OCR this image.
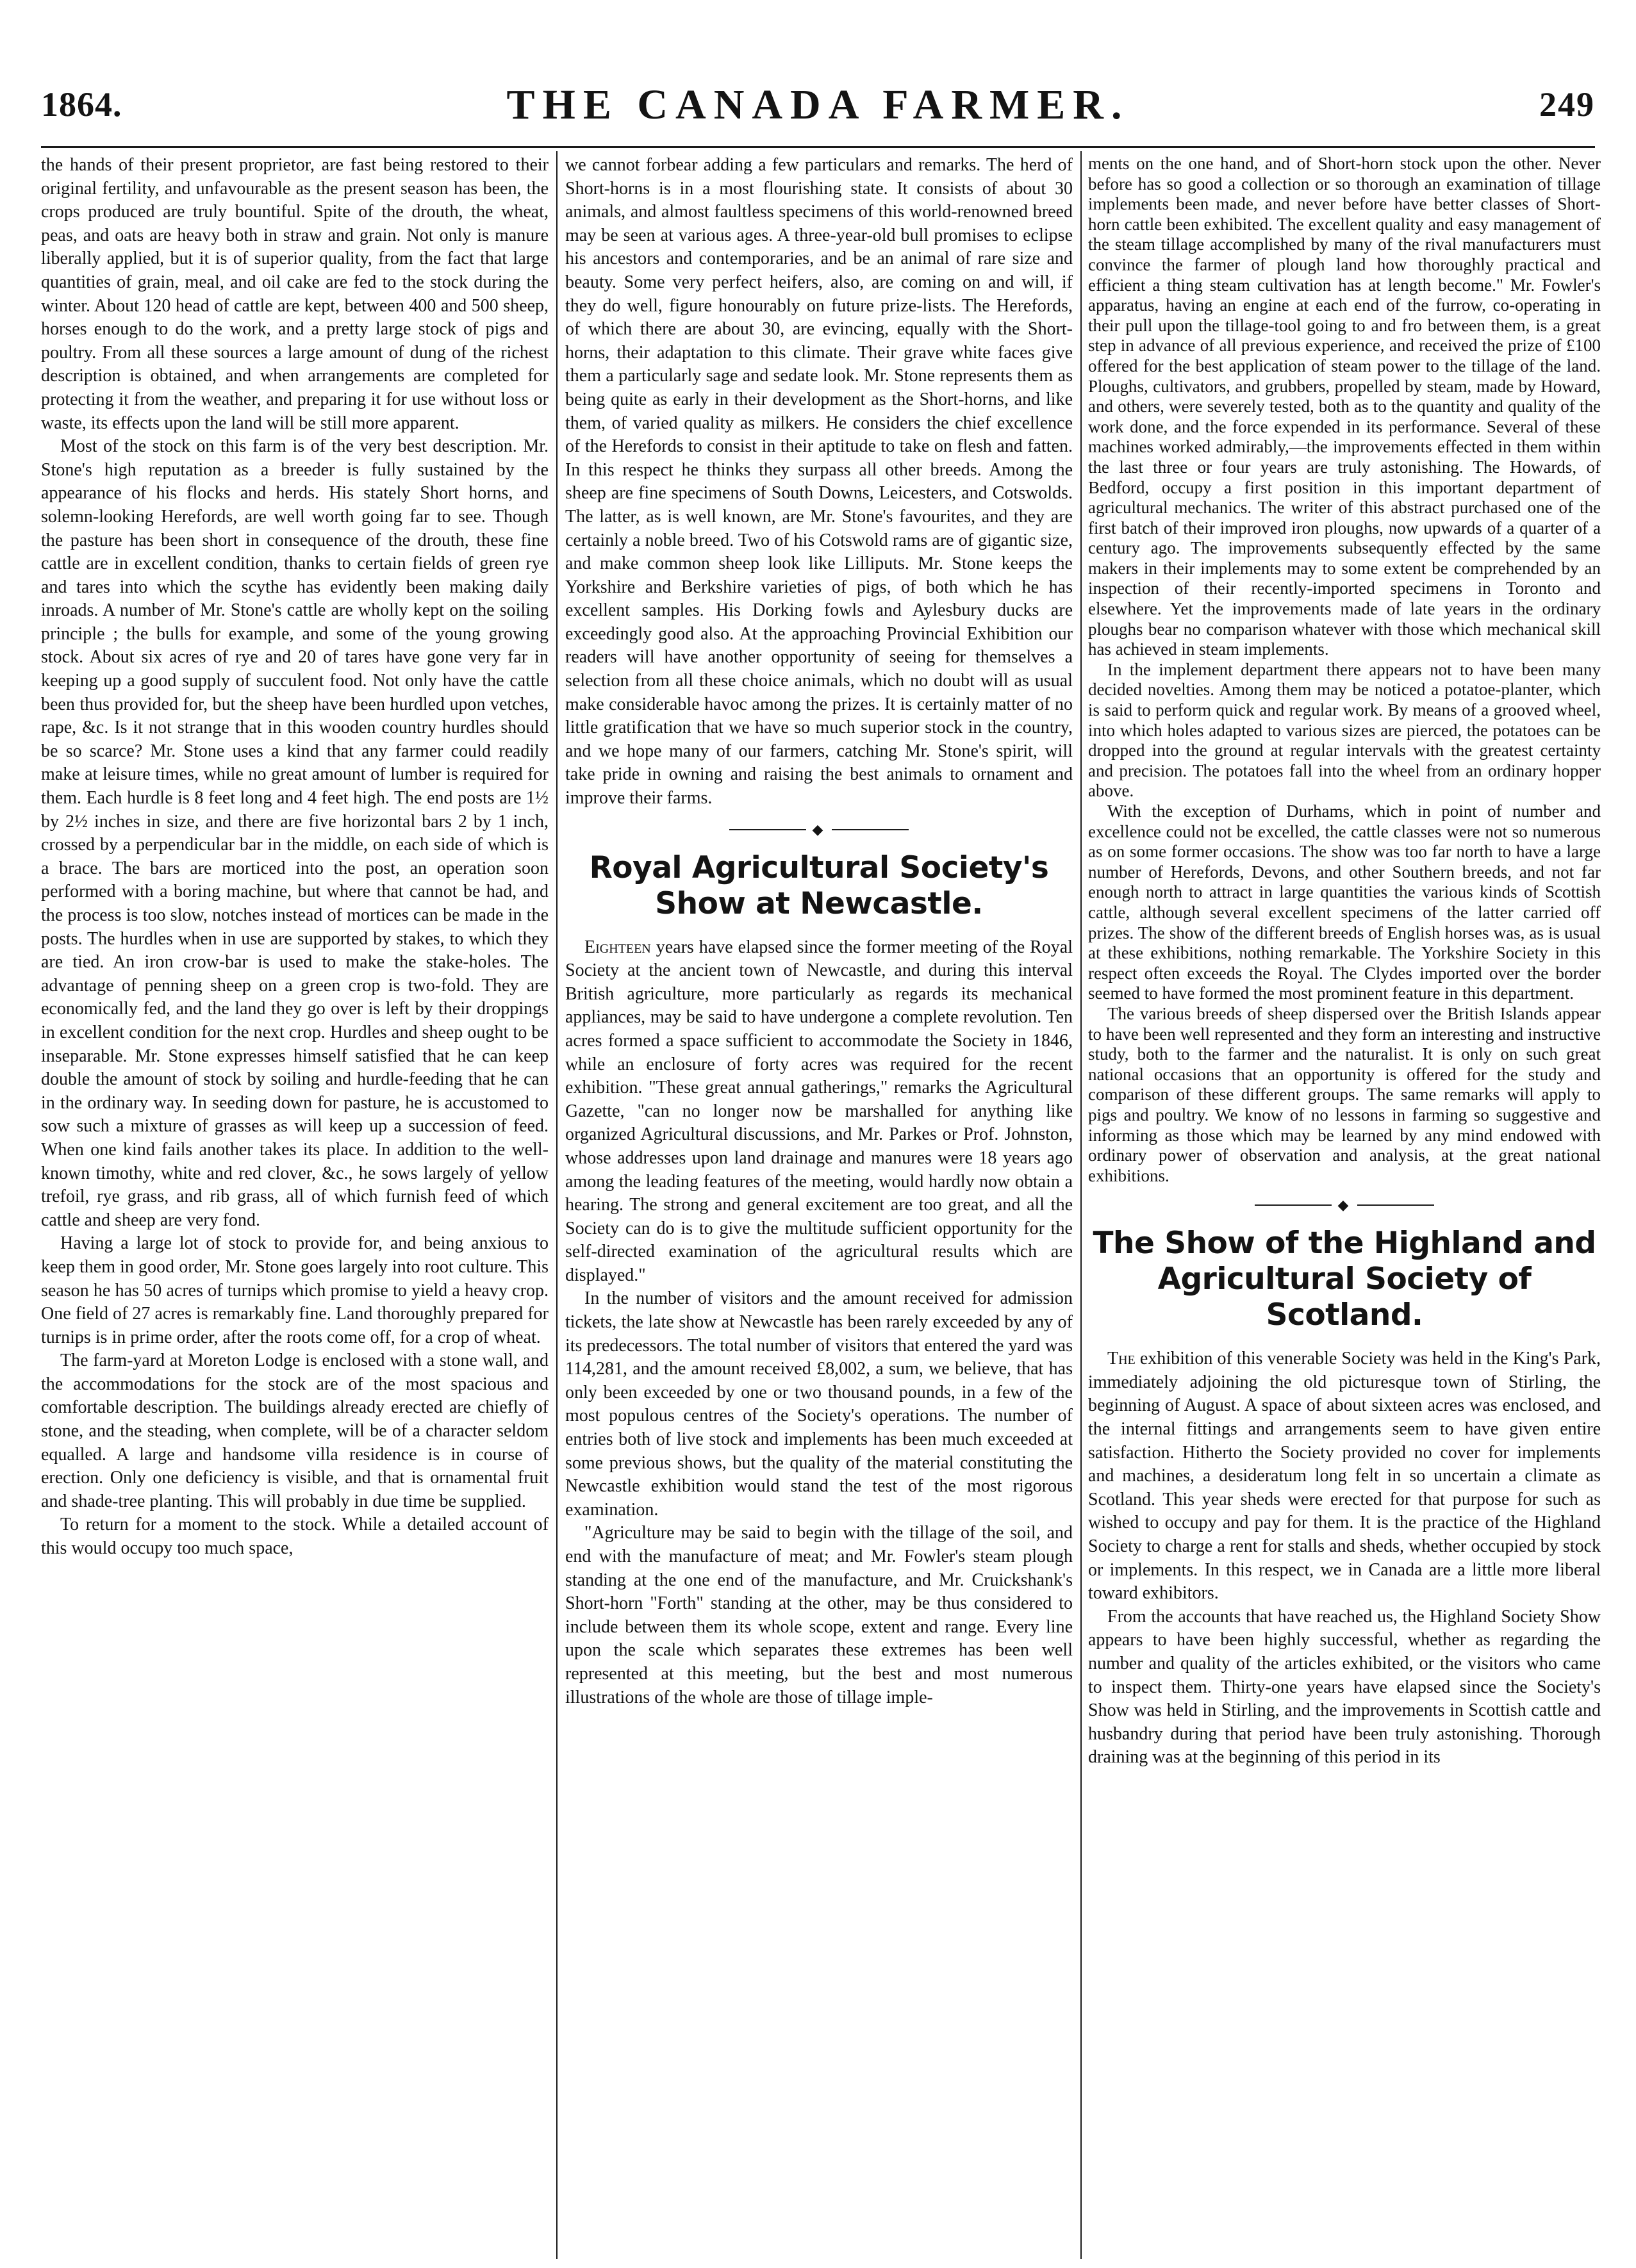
1864.	THE CANADA FARMER.	249

the hands of their present proprietor, are fast being restored to their original fertility, and unfavourable as the present season has been, the crops produced are truly bountiful. Spite of the drouth, the wheat, peas, and oats are heavy both in straw and grain. Not only is manure liberally applied, but it is of superior quality, from the fact that large quantities of grain, meal, and oil cake are fed to the stock during the winter. About 120 head of cattle are kept, between 400 and 500 sheep, horses enough to do the work, and a pretty large stock of pigs and poultry. From all these sources a large amount of dung of the richest description is obtained, and when arrangements are completed for protecting it from the weather, and preparing it for use without loss or waste, its effects upon the land will be still more apparent.

Most of the stock on this farm is of the very best description. Mr. Stone's high reputation as a breeder is fully sustained by the appearance of his flocks and herds. His stately Short horns, and solemn-looking Herefords, are well worth going far to see. Though the pasture has been short in consequence of the drouth, these fine cattle are in excellent condition, thanks to certain fields of green rye and tares into which the scythe has evidently been making daily inroads. A number of Mr. Stone's cattle are wholly kept on the soiling principle ; the bulls for example, and some of the young growing stock. About six acres of rye and 20 of tares have gone very far in keeping up a good supply of succulent food. Not only have the cattle been thus provided for, but the sheep have been hurdled upon vetches, rape, &c. Is it not strange that in this wooden country hurdles should be so scarce? Mr. Stone uses a kind that any farmer could readily make at leisure times, while no great amount of lumber is required for them. Each hurdle is 8 feet long and 4 feet high. The end posts are 1½ by 2½ inches in size, and there are five horizontal bars 2 by 1 inch, crossed by a perpendicular bar in the middle, on each side of which is a brace. The bars are morticed into the post, an operation soon performed with a boring machine, but where that cannot be had, and the process is too slow, notches instead of mortices can be made in the posts. The hurdles when in use are supported by stakes, to which they are tied. An iron crow-bar is used to make the stake-holes. The advantage of penning sheep on a green crop is two-fold. They are economically fed, and the land they go over is left by their droppings in excellent condition for the next crop. Hurdles and sheep ought to be inseparable. Mr. Stone expresses himself satisfied that he can keep double the amount of stock by soiling and hurdle-feeding that he can in the ordinary way. In seeding down for pasture, he is accustomed to sow such a mixture of grasses as will keep up a succession of feed. When one kind fails another takes its place. In addition to the well-known timothy, white and red clover, &c., he sows largely of yellow trefoil, rye grass, and rib grass, all of which furnish feed of which cattle and sheep are very fond.

Having a large lot of stock to provide for, and being anxious to keep them in good order, Mr. Stone goes largely into root culture. This season he has 50 acres of turnips which promise to yield a heavy crop. One field of 27 acres is remarkably fine. Land thoroughly prepared for turnips is in prime order, after the roots come off, for a crop of wheat.

The farm-yard at Moreton Lodge is enclosed with a stone wall, and the accommodations for the stock are of the most spacious and comfortable description. The buildings already erected are chiefly of stone, and the steading, when complete, will be of a character seldom equalled. A large and handsome villa residence is in course of erection. Only one deficiency is visible, and that is ornamental fruit and shade-tree planting. This will probably in due time be supplied.

To return for a moment to the stock. While a detailed account of this would occupy too much space,

we cannot forbear adding a few particulars and remarks. The herd of Short-horns is in a most flourishing state. It consists of about 30 animals, and almost faultless specimens of this world-renowned breed may be seen at various ages. A three-year-old bull promises to eclipse his ancestors and contemporaries, and be an animal of rare size and beauty. Some very perfect heifers, also, are coming on and will, if they do well, figure honourably on future prize-lists. The Herefords, of which there are about 30, are evincing, equally with the Short-horns, their adaptation to this climate. Their grave white faces give them a particularly sage and sedate look. Mr. Stone represents them as being quite as early in their development as the Short-horns, and like them, of varied quality as milkers. He considers the chief excellence of the Herefords to consist in their aptitude to take on flesh and fatten. In this respect he thinks they surpass all other breeds. Among the sheep are fine specimens of South Downs, Leicesters, and Cotswolds. The latter, as is well known, are Mr. Stone's favourites, and they are certainly a noble breed. Two of his Cotswold rams are of gigantic size, and make common sheep look like Lilliputs. Mr. Stone keeps the Yorkshire and Berkshire varieties of pigs, of both which he has excellent samples. His Dorking fowls and Aylesbury ducks are exceedingly good also. At the approaching Provincial Exhibition our readers will have another opportunity of seeing for themselves a selection from all these choice animals, which no doubt will as usual make considerable havoc among the prizes. It is certainly matter of no little gratification that we have so much superior stock in the country, and we hope many of our farmers, catching Mr. Stone's spirit, will take pride in owning and raising the best animals to ornament and improve their farms.

◆
Royal Agricultural Society's Show at Newcastle.

Eighteen years have elapsed since the former meeting of the Royal Society at the ancient town of Newcastle, and during this interval British agriculture, more particularly as regards its mechanical appliances, may be said to have undergone a complete revolution. Ten acres formed a space sufficient to accommodate the Society in 1846, while an enclosure of forty acres was required for the recent exhibition. "These great annual gatherings," remarks the Agricultural Gazette, "can no longer now be marshalled for anything like organized Agricultural discussions, and Mr. Parkes or Prof. Johnston, whose addresses upon land drainage and manures were 18 years ago among the leading features of the meeting, would hardly now obtain a hearing. The strong and general excitement are too great, and all the Society can do is to give the multitude sufficient opportunity for the self-directed examination of the agricultural results which are displayed."

In the number of visitors and the amount received for admission tickets, the late show at Newcastle has been rarely exceeded by any of its predecessors. The total number of visitors that entered the yard was 114,281, and the amount received £8,002, a sum, we believe, that has only been exceeded by one or two thousand pounds, in a few of the most populous centres of the Society's operations. The number of entries both of live stock and implements has been much exceeded at some previous shows, but the quality of the material constituting the Newcastle exhibition would stand the test of the most rigorous examination.

"Agriculture may be said to begin with the tillage of the soil, and end with the manufacture of meat; and Mr. Fowler's steam plough standing at the one end of the manufacture, and Mr. Cruickshank's Short-horn "Forth" standing at the other, may be thus considered to include between them its whole scope, extent and range. Every line upon the scale which separates these extremes has been well represented at this meeting, but the best and most numerous illustrations of the whole are those of tillage imple-

ments on the one hand, and of Short-horn stock upon the other. Never before has so good a collection or so thorough an examination of tillage implements been made, and never before have better classes of Short-horn cattle been exhibited. The excellent quality and easy management of the steam tillage accomplished by many of the rival manufacturers must convince the farmer of plough land how thoroughly practical and efficient a thing steam cultivation has at length become." Mr. Fowler's apparatus, having an engine at each end of the furrow, co-operating in their pull upon the tillage-tool going to and fro between them, is a great step in advance of all previous experience, and received the prize of £100 offered for the best application of steam power to the tillage of the land. Ploughs, cultivators, and grubbers, propelled by steam, made by Howard, and others, were severely tested, both as to the quantity and quality of the work done, and the force expended in its performance. Several of these machines worked admirably,—the improvements effected in them within the last three or four years are truly astonishing. The Howards, of Bedford, occupy a first position in this important department of agricultural mechanics. The writer of this abstract purchased one of the first batch of their improved iron ploughs, now upwards of a quarter of a century ago. The improvements subsequently effected by the same makers in their implements may to some extent be comprehended by an inspection of their recently-imported specimens in Toronto and elsewhere. Yet the improvements made of late years in the ordinary ploughs bear no comparison whatever with those which mechanical skill has achieved in steam implements.

In the implement department there appears not to have been many decided novelties. Among them may be noticed a potatoe-planter, which is said to perform quick and regular work. By means of a grooved wheel, into which holes adapted to various sizes are pierced, the potatoes can be dropped into the ground at regular intervals with the greatest certainty and precision. The potatoes fall into the wheel from an ordinary hopper above.

With the exception of Durhams, which in point of number and excellence could not be excelled, the cattle classes were not so numerous as on some former occasions. The show was too far north to have a large number of Herefords, Devons, and other Southern breeds, and not far enough north to attract in large quantities the various kinds of Scottish cattle, although several excellent specimens of the latter carried off prizes. The show of the different breeds of English horses was, as is usual at these exhibitions, nothing remarkable. The Yorkshire Society in this respect often exceeds the Royal. The Clydes imported over the border seemed to have formed the most prominent feature in this department.

The various breeds of sheep dispersed over the British Islands appear to have been well represented and they form an interesting and instructive study, both to the farmer and the naturalist. It is only on such great national occasions that an opportunity is offered for the study and comparison of these different groups. The same remarks will apply to pigs and poultry. We know of no lessons in farming so suggestive and informing as those which may be learned by any mind endowed with ordinary power of observation and analysis, at the great national exhibitions.

◆
The Show of the Highland and Agricultural Society of Scotland.

The exhibition of this venerable Society was held in the King's Park, immediately adjoining the old picturesque town of Stirling, the beginning of August. A space of about sixteen acres was enclosed, and the internal fittings and arrangements seem to have given entire satisfaction. Hitherto the Society provided no cover for implements and machines, a desideratum long felt in so uncertain a climate as Scotland. This year sheds were erected for that purpose for such as wished to occupy and pay for them. It is the practice of the Highland Society to charge a rent for stalls and sheds, whether occupied by stock or implements. In this respect, we in Canada are a little more liberal toward exhibitors.

From the accounts that have reached us, the Highland Society Show appears to have been highly successful, whether as regarding the number and quality of the articles exhibited, or the visitors who came to inspect them. Thirty-one years have elapsed since the Society's Show was held in Stirling, and the improvements in Scottish cattle and husbandry during that period have been truly astonishing. Thorough draining was at the beginning of this period in its
